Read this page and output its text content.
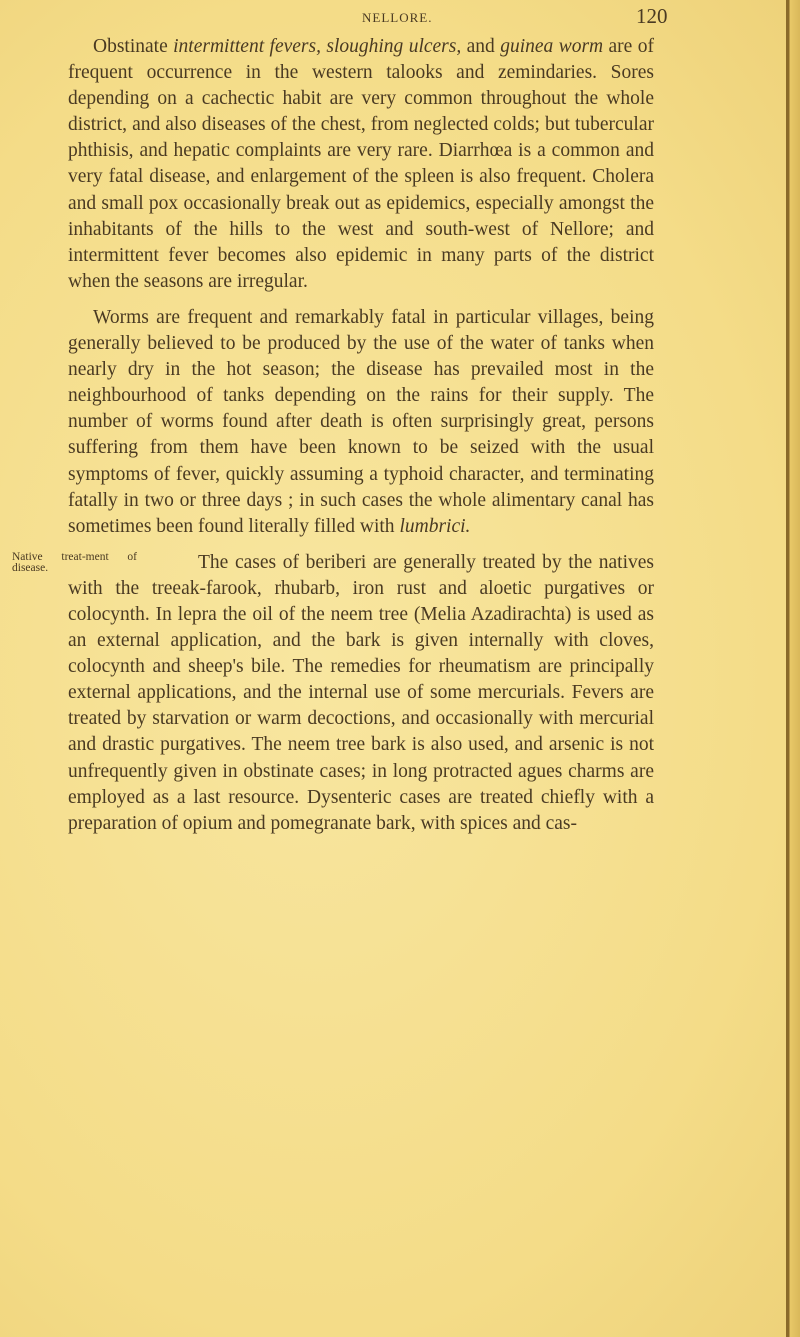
NELLORE.	120

Obstinate intermittent fevers, sloughing ulcers, and guinea worm are of frequent occurrence in the western talooks and zemindaries. Sores depending on a cachectic habit are very common throughout the whole district, and also diseases of the chest, from neglected colds; but tubercular phthisis, and hepatic complaints are very rare. Diarrhœa is a common and very fatal disease, and enlargement of the spleen is also frequent. Cholera and small pox occasionally break out as epidemics, especially amongst the inhabitants of the hills to the west and south-west of Nellore; and intermittent fever becomes also epidemic in many parts of the district when the seasons are irregular.

Worms are frequent and remarkably fatal in particular villages, being generally believed to be produced by the use of the water of tanks when nearly dry in the hot season; the disease has prevailed most in the neighbourhood of tanks depending on the rains for their supply. The number of worms found after death is often surprisingly great, persons suffering from them have been known to be seized with the usual symptoms of fever, quickly assuming a typhoid character, and terminating fatally in two or three days ; in such cases the whole alimentary canal has sometimes been found literally filled with lumbrici.

Native treat-ment of disease.	The cases of beriberi are generally treated by the natives with the treeak-farook, rhubarb, iron rust and aloetic purgatives or colocynth. In lepra the oil of the neem tree (Melia Azadirachta) is used as an external application, and the bark is given internally with cloves, colocynth and sheep's bile. The remedies for rheumatism are principally external applications, and the internal use of some mercurials. Fevers are treated by starvation or warm decoctions, and occasionally with mercurial and drastic purgatives. The neem tree bark is also used, and arsenic is not unfrequently given in obstinate cases; in long protracted agues charms are employed as a last resource. Dysenteric cases are treated chiefly with a preparation of opium and pomegranate bark, with spices and cas-
